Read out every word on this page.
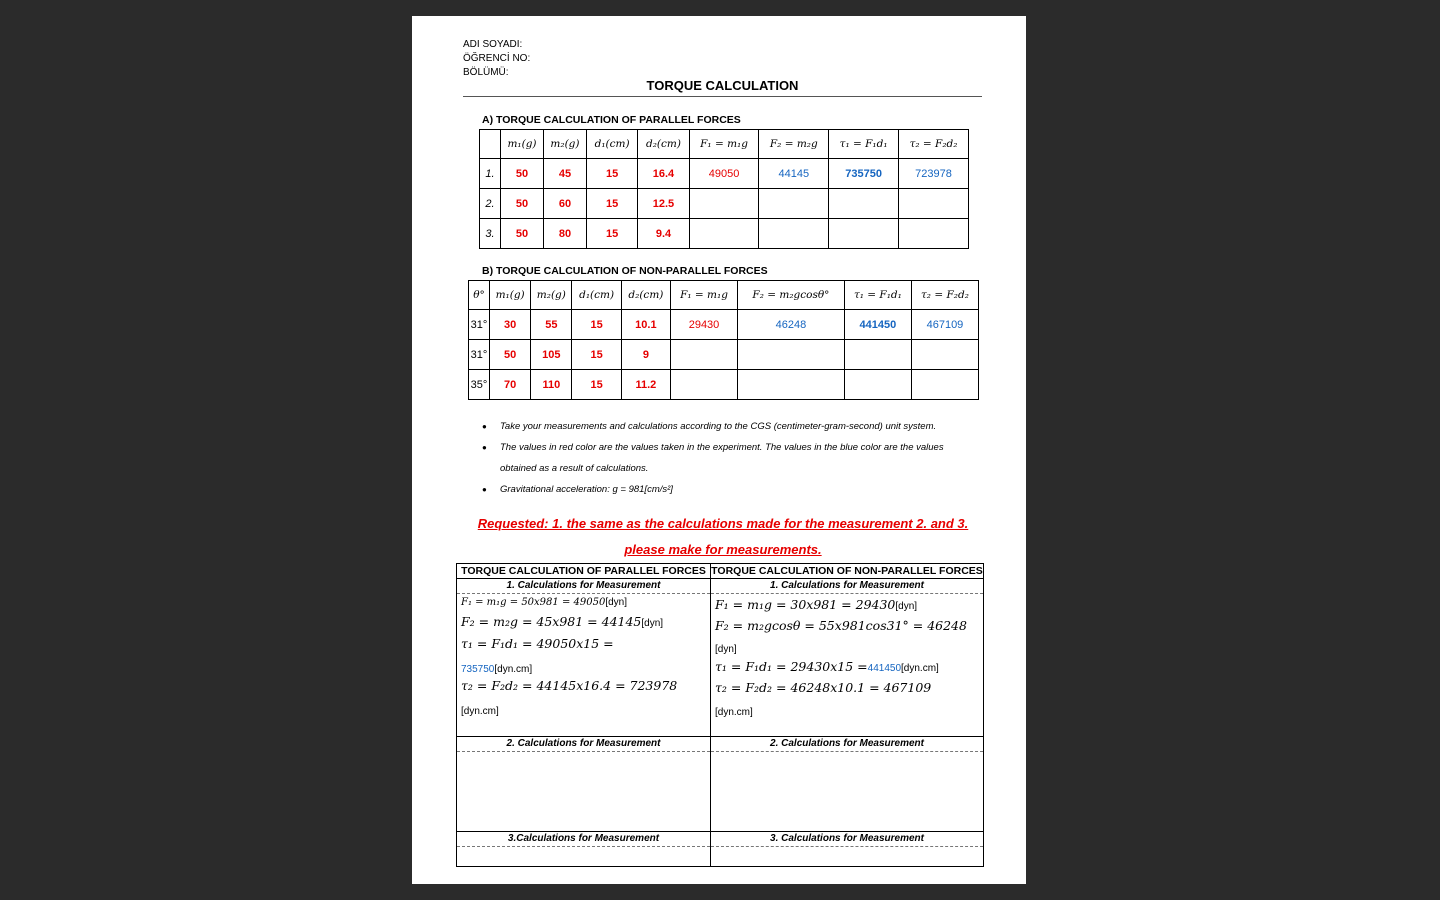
ADI SOYADI:
ÖĞRENCİ NO:
BÖLÜMÜ:
TORQUE CALCULATION
A) TORQUE CALCULATION OF PARALLEL FORCES
	m₁(g)	m₂(g)	d₁(cm)	d₂(cm)	F₁ = m₁g	F₂ = m₂g	τ₁ = F₁d₁	τ₂ = F₂d₂
1.	50	45	15	16.4	49050	44145	735750	723978
2.	50	60	15	12.5				
3.	50	80	15	9.4				
B) TORQUE CALCULATION OF NON-PARALLEL FORCES
θ°	m₁(g)	m₂(g)	d₁(cm)	d₂(cm)	F₁ = m₁g	F₂ = m₂gcosθ°	τ₁ = F₁d₁	τ₂ = F₂d₂
31°	30	55	15	10.1	29430	46248	441450	467109
31°	50	105	15	9				
35°	70	110	15	11.2				
● Take your measurements and calculations according to the CGS (centimeter-gram-second) unit system.
● The values in red color are the values taken in the experiment. The values in the blue color are the values obtained as a result of calculations.
● Gravitational acceleration: g = 981[cm/s²]
Requested: 1. the same as the calculations made for the measurement 2. and 3. please make for measurements.
TORQUE CALCULATION OF PARALLEL FORCES
1. Calculations for Measurement
F₁ = m₁g = 50x981 = 49050[dyn]
F₂ = m₂g = 45x981 = 44145[dyn]
τ₁ = F₁d₁ = 49050x15 =
735750[dyn.cm]
τ₂ = F₂d₂ = 44145x16.4 = 723978
[dyn.cm]
2. Calculations for Measurement
3.Calculations for Measurement
TORQUE CALCULATION OF NON-PARALLEL FORCES
1. Calculations for Measurement
F₁ = m₁g = 30x981 = 29430[dyn]
F₂ = m₂gcosθ = 55x981cos31° = 46248
[dyn]
τ₁ = F₁d₁ = 29430x15 =441450[dyn.cm]
τ₂ = F₂d₂ = 46248x10.1 = 467109
[dyn.cm]
2. Calculations for Measurement
3. Calculations for Measurement
